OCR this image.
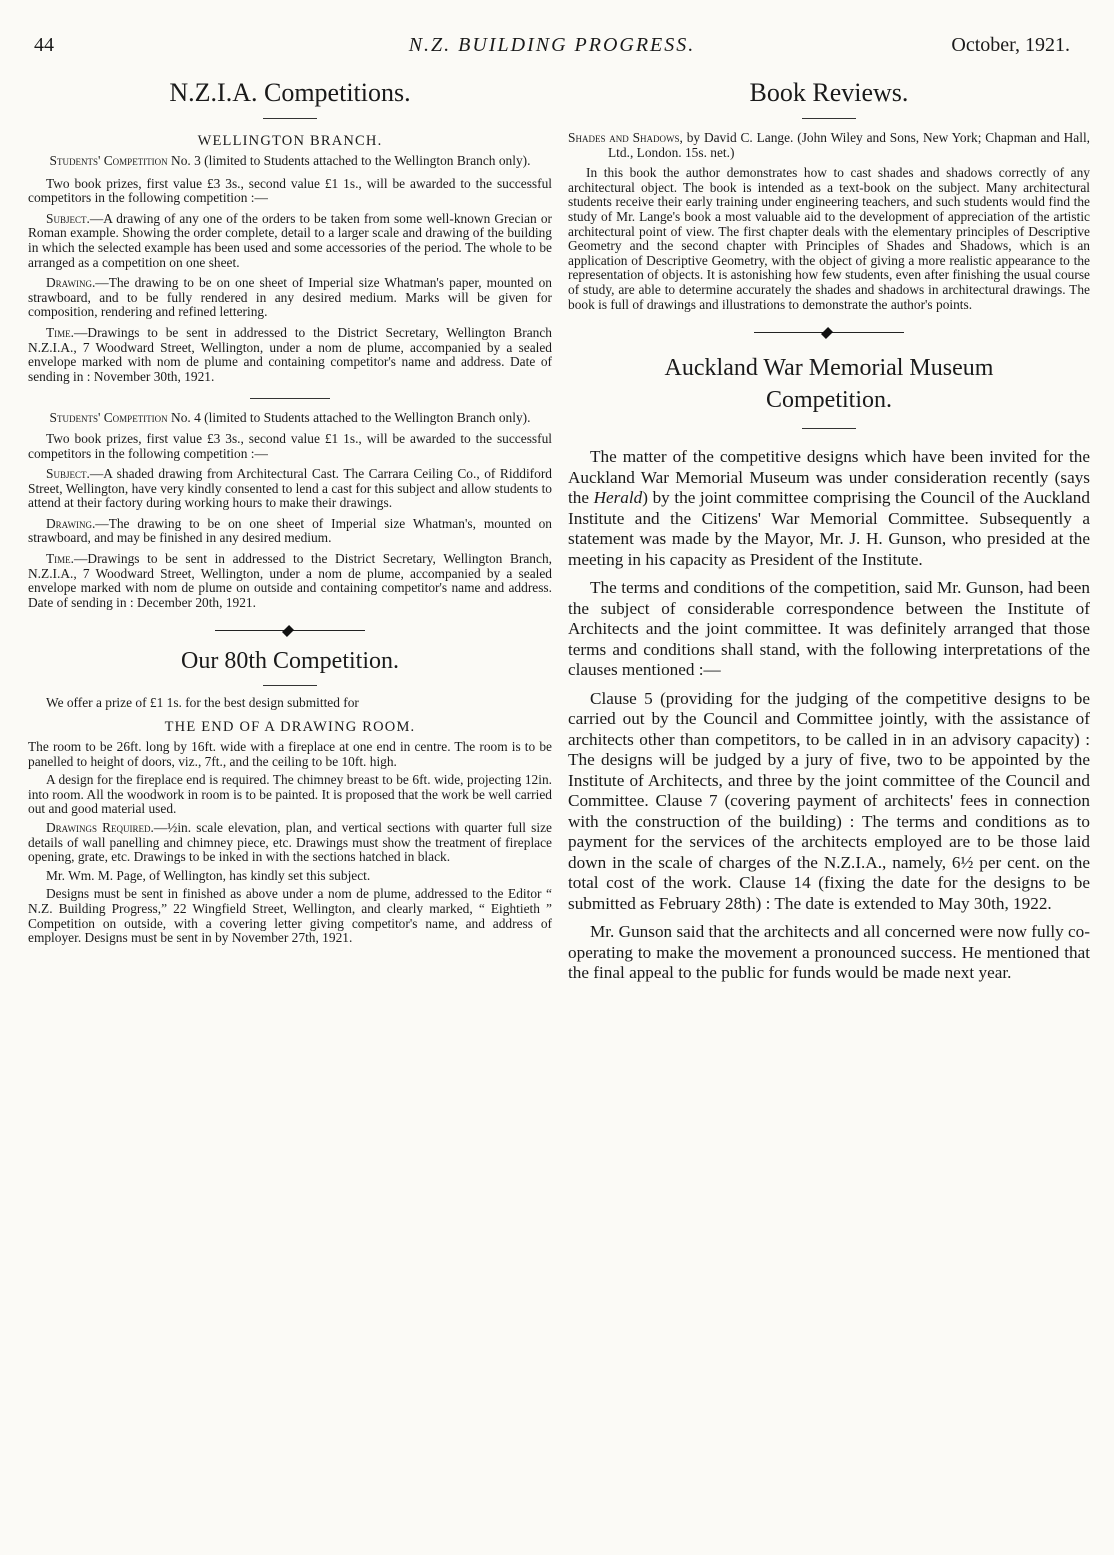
44	N.Z. BUILDING PROGRESS.	October, 1921.
N.Z.I.A. Competitions.

WELLINGTON BRANCH.

Students' Competition No. 3 (limited to Students attached to the Wellington Branch only).

Two book prizes, first value £3 3s., second value £1 1s., will be awarded to the successful competitors in the following competition :—

Subject.—A drawing of any one of the orders to be taken from some well-known Grecian or Roman example. Showing the order complete, detail to a larger scale and drawing of the building in which the selected example has been used and some accessories of the period. The whole to be arranged as a competition on one sheet.

Drawing.—The drawing to be on one sheet of Imperial size Whatman's paper, mounted on strawboard, and to be fully rendered in any desired medium. Marks will be given for composition, rendering and refined lettering.

Time.—Drawings to be sent in addressed to the District Secretary, Wellington Branch N.Z.I.A., 7 Woodward Street, Wellington, under a nom de plume, accompanied by a sealed envelope marked with nom de plume and containing competitor's name and address. Date of sending in : November 30th, 1921.

Students' Competition No. 4 (limited to Students attached to the Wellington Branch only).

Two book prizes, first value £3 3s., second value £1 1s., will be awarded to the successful competitors in the following competition :—

Subject.—A shaded drawing from Architectural Cast. The Carrara Ceiling Co., of Riddiford Street, Wellington, have very kindly consented to lend a cast for this subject and allow students to attend at their factory during working hours to make their drawings.

Drawing.—The drawing to be on one sheet of Imperial size Whatman's, mounted on strawboard, and may be finished in any desired medium.

Time.—Drawings to be sent in addressed to the District Secretary, Wellington Branch, N.Z.I.A., 7 Woodward Street, Wellington, under a nom de plume, accompanied by a sealed envelope marked with nom de plume on outside and containing competitor's name and address. Date of sending in : December 20th, 1921.

Our 80th Competition.

We offer a prize of £1 1s. for the best design submitted for

THE END OF A DRAWING ROOM.

The room to be 26ft. long by 16ft. wide with a fireplace at one end in centre. The room is to be panelled to height of doors, viz., 7ft., and the ceiling to be 10ft. high.

A design for the fireplace end is required. The chimney breast to be 6ft. wide, projecting 12in. into room. All the woodwork in room is to be painted. It is proposed that the work be well carried out and good material used.

Drawings Required.—½in. scale elevation, plan, and vertical sections with quarter full size details of wall panelling and chimney piece, etc. Drawings must show the treatment of fireplace opening, grate, etc. Drawings to be inked in with the sections hatched in black.

Mr. Wm. M. Page, of Wellington, has kindly set this subject.

Designs must be sent in finished as above under a nom de plume, addressed to the Editor “ N.Z. Building Progress,” 22 Wingfield Street, Wellington, and clearly marked, “ Eightieth ” Competition on outside, with a covering letter giving competitor's name, and address of employer. Designs must be sent in by November 27th, 1921.

Book Reviews.

Shades and Shadows, by David C. Lange. (John Wiley and Sons, New York; Chapman and Hall, Ltd., London. 15s. net.)

In this book the author demonstrates how to cast shades and shadows correctly of any architectural object. The book is intended as a text-book on the subject. Many architectural students receive their early training under engineering teachers, and such students would find the study of Mr. Lange's book a most valuable aid to the development of appreciation of the artistic architectural point of view. The first chapter deals with the elementary principles of Descriptive Geometry and the second chapter with Principles of Shades and Shadows, which is an application of Descriptive Geometry, with the object of giving a more realistic appearance to the representation of objects. It is astonishing how few students, even after finishing the usual course of study, are able to determine accurately the shades and shadows in architectural drawings. The book is full of drawings and illustrations to demonstrate the author's points.

Auckland War Memorial Museum
Competition.

The matter of the competitive designs which have been invited for the Auckland War Memorial Museum was under consideration recently (says the Herald) by the joint committee comprising the Council of the Auckland Institute and the Citizens' War Memorial Committee. Subsequently a statement was made by the Mayor, Mr. J. H. Gunson, who presided at the meeting in his capacity as President of the Institute.

The terms and conditions of the competition, said Mr. Gunson, had been the subject of considerable correspondence between the Institute of Architects and the joint committee. It was definitely arranged that those terms and conditions shall stand, with the following interpretations of the clauses mentioned :—

Clause 5 (providing for the judging of the competitive designs to be carried out by the Council and Committee jointly, with the assistance of architects other than competitors, to be called in in an advisory capacity) : The designs will be judged by a jury of five, two to be appointed by the Institute of Architects, and three by the joint committee of the Council and Committee. Clause 7 (covering payment of architects' fees in connection with the construction of the building) : The terms and conditions as to payment for the services of the architects employed are to be those laid down in the scale of charges of the N.Z.I.A., namely, 6½ per cent. on the total cost of the work. Clause 14 (fixing the date for the designs to be submitted as February 28th) : The date is extended to May 30th, 1922.

Mr. Gunson said that the architects and all concerned were now fully co-operating to make the movement a pronounced success. He mentioned that the final appeal to the public for funds would be made next year.
